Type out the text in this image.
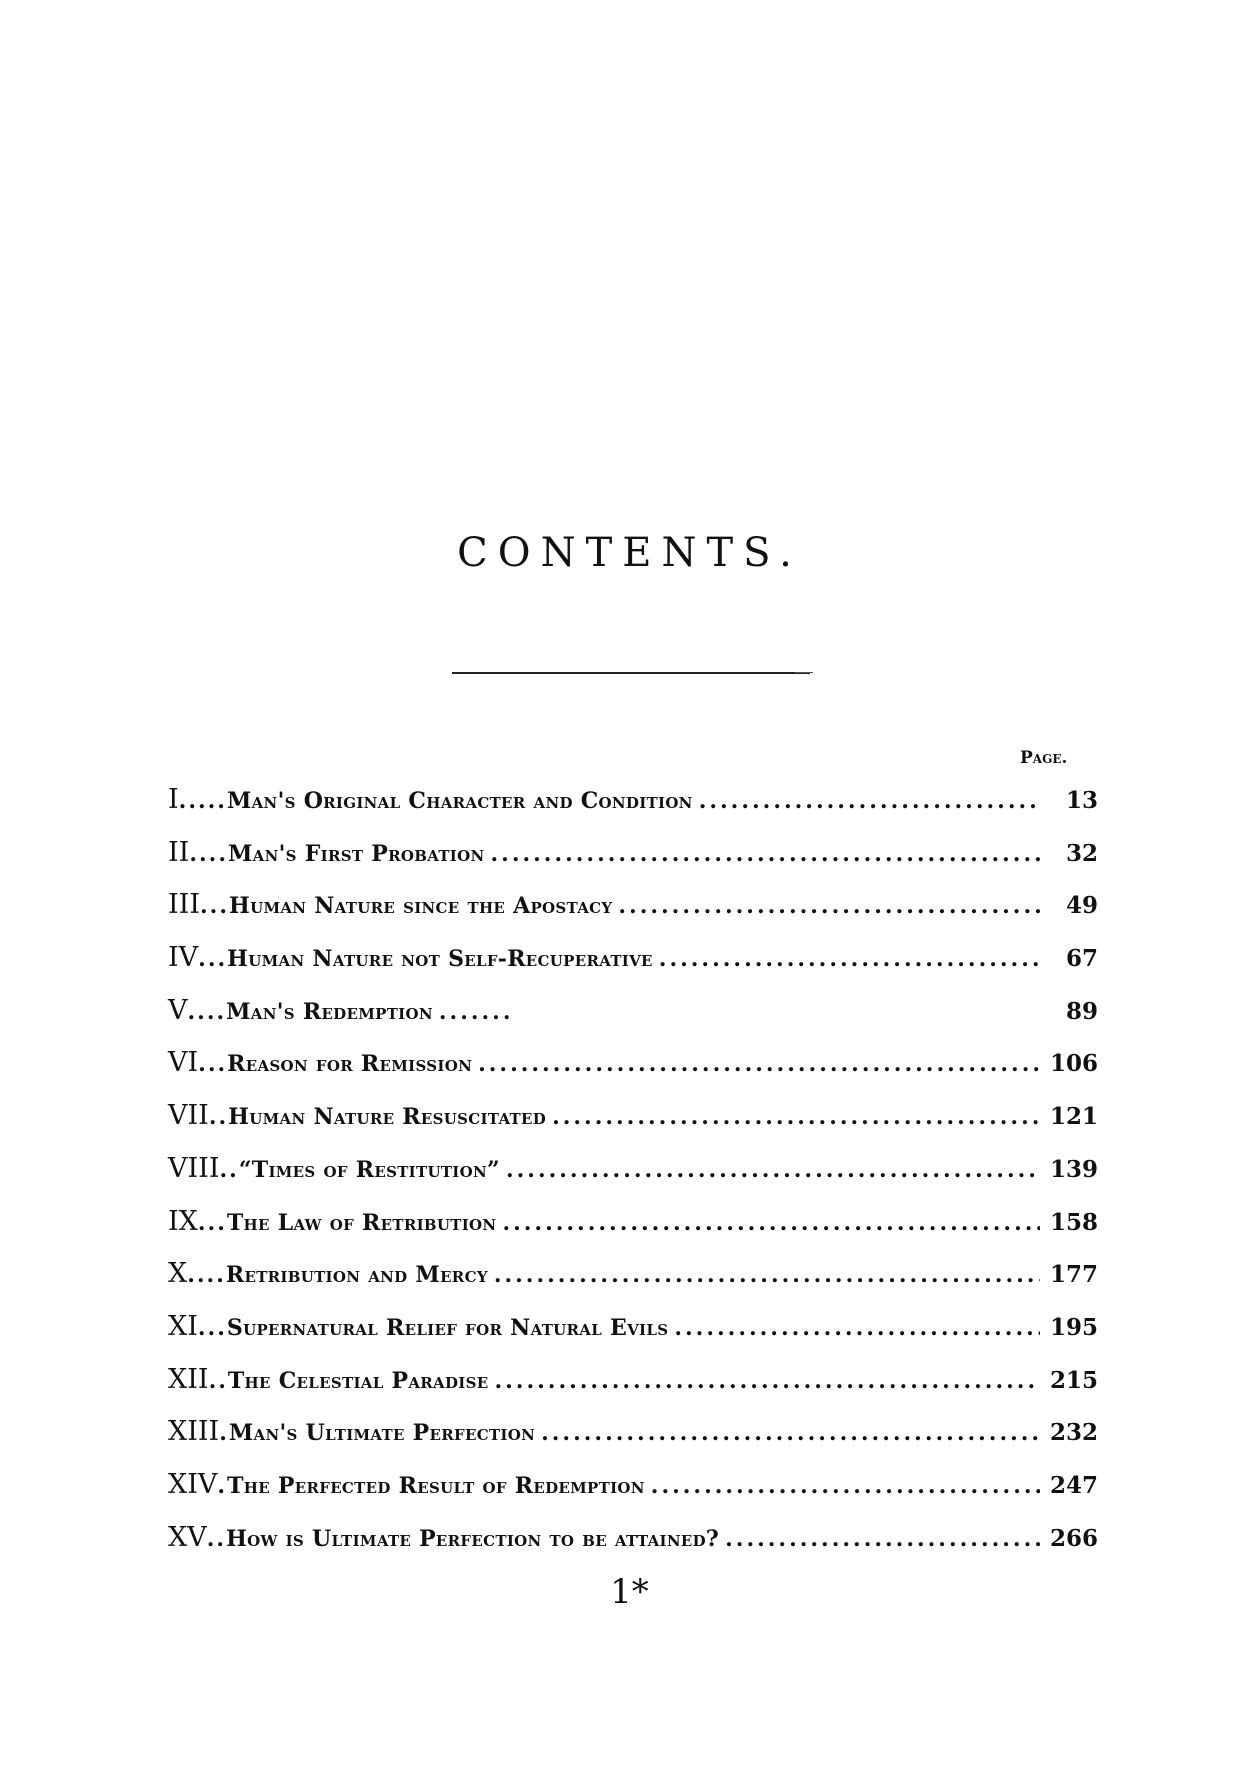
CONTENTS.
Page.
I ..... Man's Original Character and Condition .....	13
II .... Man's First Probation .....	32
III ... Human Nature since the Apostacy .....	49
IV ... Human Nature not Self-Recuperative .....	67
V .... Man's Redemption .....	89
VI ... Reason for Remission .....	106
VII .. Human Nature Resuscitated .....	121
VIII .. “Times of Restitution” .....	139
IX ... The Law of Retribution .....	158
X .... Retribution and Mercy .....	177
XI ... Supernatural Relief for Natural Evils .....	195
XII .. The Celestial Paradise .....	215
XIII . Man's Ultimate Perfection .....	232
XIV . The Perfected Result of Redemption .....	247
XV .. How is Ultimate Perfection to be attained? .....	266
1*
